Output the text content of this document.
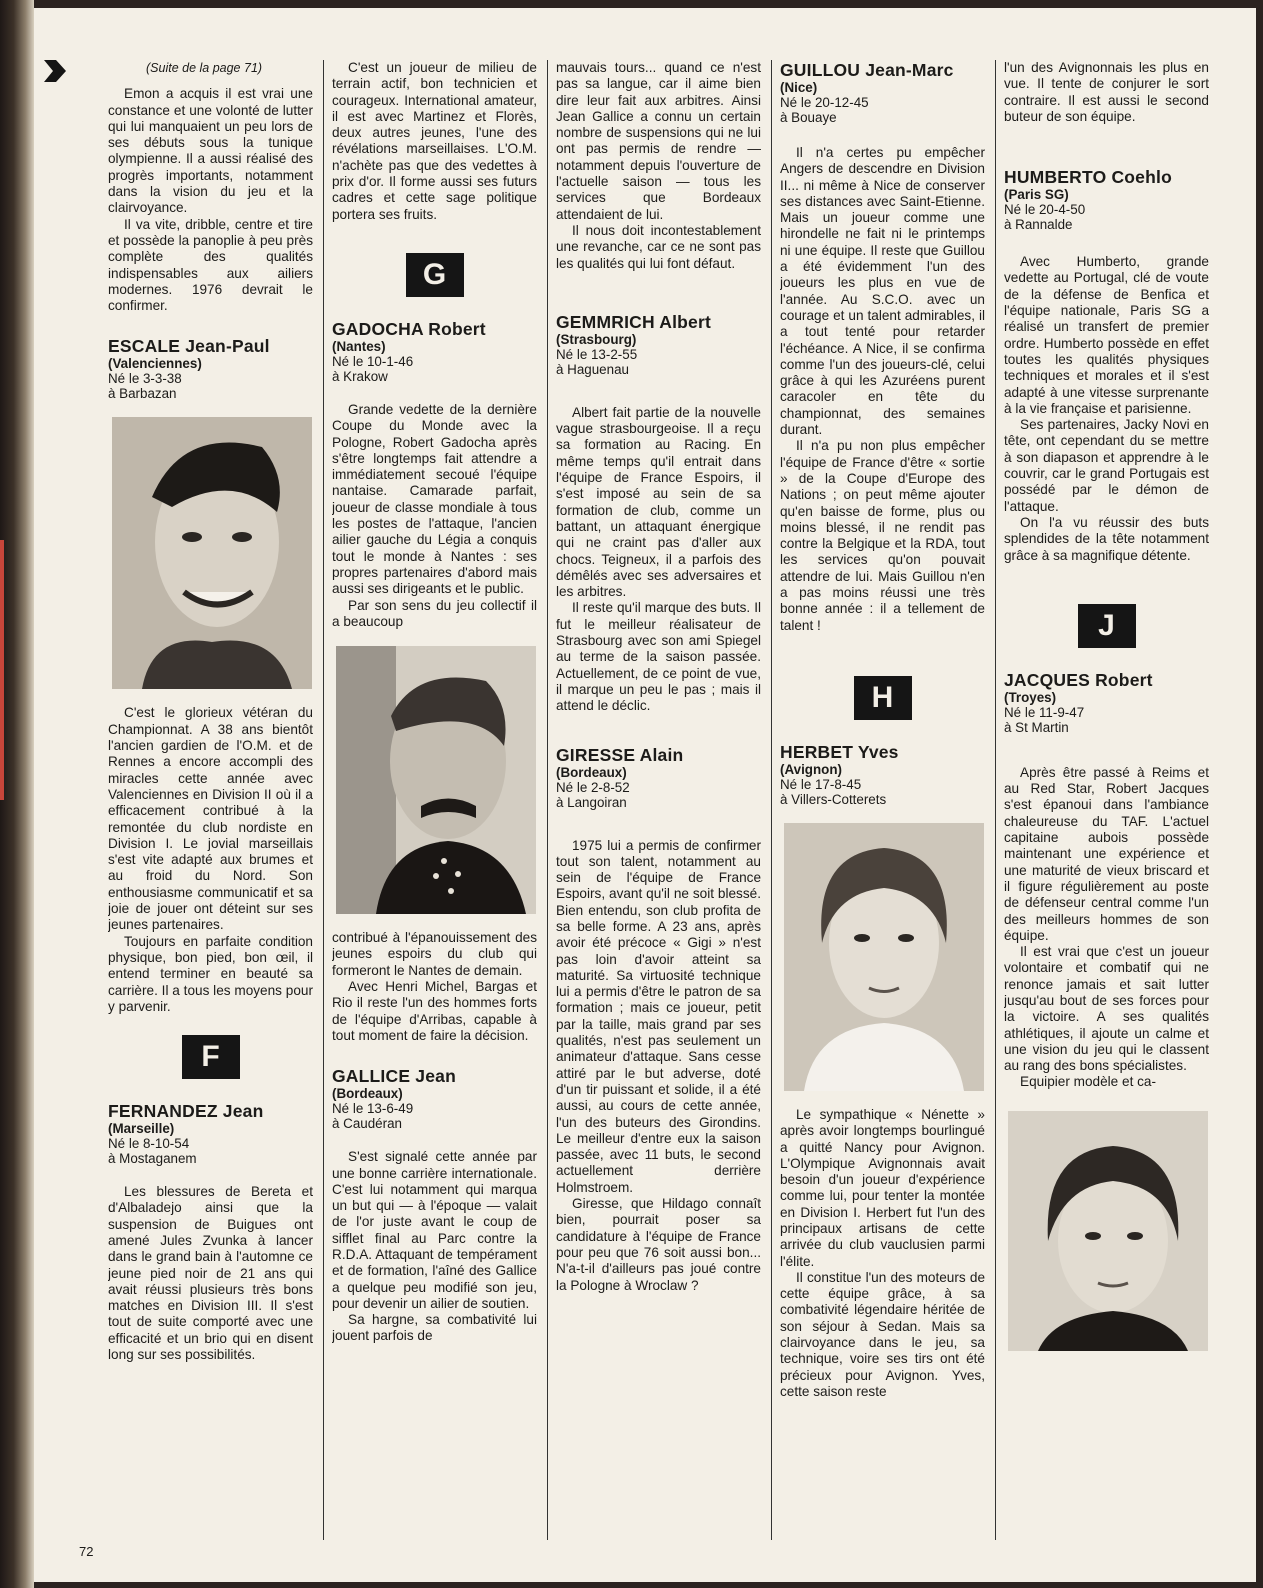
(Suite de la page 71)

Emon a acquis il est vrai une constance et une volonté de lutter qui lui manquaient un peu lors de ses débuts sous la tunique olympienne. Il a aussi réalisé des progrès importants, notamment dans la vision du jeu et la clairvoyance.

Il va vite, dribble, centre et tire et possède la panoplie à peu près complète des qualités indispensables aux ailiers modernes. 1976 devrait le confirmer.

ESCALE Jean-Paul
(Valenciennes)
Né le 3-3-38
à Barbazan

C'est le glorieux vétéran du Championnat. A 38 ans bientôt l'ancien gardien de l'O.M. et de Rennes a encore accompli des miracles cette année avec Valenciennes en Division II où il a efficacement contribué à la remontée du club nordiste en Division I. Le jovial marseillais s'est vite adapté aux brumes et au froid du Nord. Son enthousiasme communicatif et sa joie de jouer ont déteint sur ses jeunes partenaires.

Toujours en parfaite condition physique, bon pied, bon œil, il entend terminer en beauté sa carrière. Il a tous les moyens pour y parvenir.

F
FERNANDEZ Jean
(Marseille)
Né le 8-10-54
à Mostaganem

Les blessures de Bereta et d'Albaladejo ainsi que la suspension de Buigues ont amené Jules Zvunka à lancer dans le grand bain à l'automne ce jeune pied noir de 21 ans qui avait réussi plusieurs très bons matches en Division III. Il s'est tout de suite comporté avec une efficacité et un brio qui en disent long sur ses possibilités.

C'est un joueur de milieu de terrain actif, bon technicien et courageux. International amateur, il est avec Martinez et Florès, deux autres jeunes, l'une des révélations marseillaises. L'O.M. n'achète pas que des vedettes à prix d'or. Il forme aussi ses futurs cadres et cette sage politique portera ses fruits.

G
GADOCHA Robert
(Nantes)
Né le 10-1-46
à Krakow

Grande vedette de la dernière Coupe du Monde avec la Pologne, Robert Gadocha après s'être longtemps fait attendre a immédiatement secoué l'équipe nantaise. Camarade parfait, joueur de classe mondiale à tous les postes de l'attaque, l'ancien ailier gauche du Légia a conquis tout le monde à Nantes : ses propres partenaires d'abord mais aussi ses dirigeants et le public.

Par son sens du jeu collectif il a beaucoup

contribué à l'épanouissement des jeunes espoirs du club qui formeront le Nantes de demain.

Avec Henri Michel, Bargas et Rio il reste l'un des hommes forts de l'équipe d'Arribas, capable à tout moment de faire la décision.

GALLICE Jean
(Bordeaux)
Né le 13-6-49
à Caudéran

S'est signalé cette année par une bonne carrière internationale. C'est lui notamment qui marqua un but qui — à l'époque — valait de l'or juste avant le coup de sifflet final au Parc contre la R.D.A. Attaquant de tempérament et de formation, l'aîné des Gallice a quelque peu modifié son jeu, pour devenir un ailier de soutien.

Sa hargne, sa combativité lui jouent parfois de

mauvais tours... quand ce n'est pas sa langue, car il aime bien dire leur fait aux arbitres. Ainsi Jean Gallice a connu un certain nombre de suspensions qui ne lui ont pas permis de rendre — notamment depuis l'ouverture de l'actuelle saison — tous les services que Bordeaux attendaient de lui.

Il nous doit incontestablement une revanche, car ce ne sont pas les qualités qui lui font défaut.

GEMMRICH Albert
(Strasbourg)
Né le 13-2-55
à Haguenau

Albert fait partie de la nouvelle vague strasbourgeoise. Il a reçu sa formation au Racing. En même temps qu'il entrait dans l'équipe de France Espoirs, il s'est imposé au sein de sa formation de club, comme un battant, un attaquant énergique qui ne craint pas d'aller aux chocs. Teigneux, il a parfois des démêlés avec ses adversaires et les arbitres.

Il reste qu'il marque des buts. Il fut le meilleur réalisateur de Strasbourg avec son ami Spiegel au terme de la saison passée. Actuellement, de ce point de vue, il marque un peu le pas ; mais il attend le déclic.

GIRESSE Alain
(Bordeaux)
Né le 2-8-52
à Langoiran

1975 lui a permis de confirmer tout son talent, notamment au sein de l'équipe de France Espoirs, avant qu'il ne soit blessé. Bien entendu, son club profita de sa belle forme. A 23 ans, après avoir été précoce « Gigi » n'est pas loin d'avoir atteint sa maturité. Sa virtuosité technique lui a permis d'être le patron de sa formation ; mais ce joueur, petit par la taille, mais grand par ses qualités, n'est pas seulement un animateur d'attaque. Sans cesse attiré par le but adverse, doté d'un tir puissant et solide, il a été aussi, au cours de cette année, l'un des buteurs des Girondins. Le meilleur d'entre eux la saison passée, avec 11 buts, le second actuellement derrière Holmstroem.

Giresse, que Hildago connaît bien, pourrait poser sa candidature à l'équipe de France pour peu que 76 soit aussi bon... N'a-t-il d'ailleurs pas joué contre la Pologne à Wroclaw ?

GUILLOU Jean-Marc
(Nice)
Né le 20-12-45
à Bouaye

Il n'a certes pu empêcher Angers de descendre en Division II... ni même à Nice de conserver ses distances avec Saint-Etienne. Mais un joueur comme une hirondelle ne fait ni le printemps ni une équipe. Il reste que Guillou a été évidemment l'un des joueurs les plus en vue de l'année. Au S.C.O. avec un courage et un talent admirables, il a tout tenté pour retarder l'échéance. A Nice, il se confirma comme l'un des joueurs-clé, celui grâce à qui les Azuréens purent caracoler en tête du championnat, des semaines durant.

Il n'a pu non plus empêcher l'équipe de France d'être « sortie » de la Coupe d'Europe des Nations ; on peut même ajouter qu'en baisse de forme, plus ou moins blessé, il ne rendit pas contre la Belgique et la RDA, tout les services qu'on pouvait attendre de lui. Mais Guillou n'en a pas moins réussi une très bonne année : il a tellement de talent !

H
HERBET Yves
(Avignon)
Né le 17-8-45
à Villers-Cotterets

Le sympathique « Nénette » après avoir longtemps bourlingué a quitté Nancy pour Avignon. L'Olympique Avignonnais avait besoin d'un joueur d'expérience comme lui, pour tenter la montée en Division I. Herbert fut l'un des principaux artisans de cette arrivée du club vauclusien parmi l'élite.

Il constitue l'un des moteurs de cette équipe grâce, à sa combativité légendaire héritée de son séjour à Sedan. Mais sa clairvoyance dans le jeu, sa technique, voire ses tirs ont été précieux pour Avignon. Yves, cette saison reste

l'un des Avignonnais les plus en vue. Il tente de conjurer le sort contraire. Il est aussi le second buteur de son équipe.

HUMBERTO Coehlo
(Paris SG)
Né le 20-4-50
à Rannalde

Avec Humberto, grande vedette au Portugal, clé de voute de la défense de Benfica et l'équipe nationale, Paris SG a réalisé un transfert de premier ordre. Humberto possède en effet toutes les qualités physiques techniques et morales et il s'est adapté à une vitesse surprenante à la vie française et parisienne.

Ses partenaires, Jacky Novi en tête, ont cependant du se mettre à son diapason et apprendre à le couvrir, car le grand Portugais est possédé par le démon de l'attaque.

On l'a vu réussir des buts splendides de la tête notamment grâce à sa magnifique détente.

J
JACQUES Robert
(Troyes)
Né le 11-9-47
à St Martin

Après être passé à Reims et au Red Star, Robert Jacques s'est épanoui dans l'ambiance chaleureuse du TAF. L'actuel capitaine aubois possède maintenant une expérience et une maturité de vieux briscard et il figure régulièrement au poste de défenseur central comme l'un des meilleurs hommes de son équipe.

Il est vrai que c'est un joueur volontaire et combatif qui ne renonce jamais et sait lutter jusqu'au bout de ses forces pour la victoire. A ses qualités athlétiques, il ajoute un calme et une vision du jeu qui le classent au rang des bons spécialistes.

Equipier modèle et ca-

72
